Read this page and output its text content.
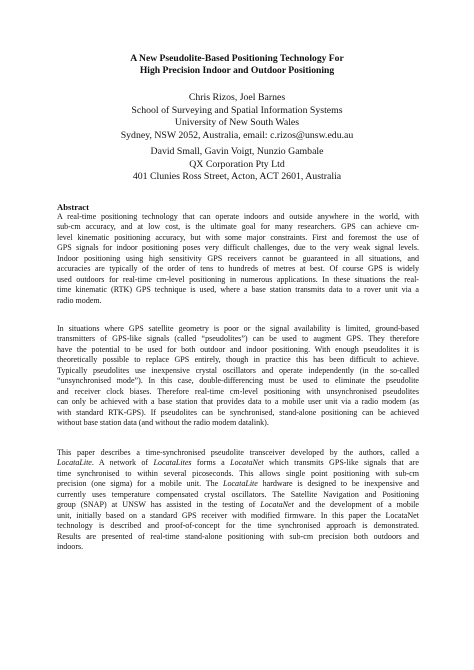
A New Pseudolite-Based Positioning Technology For
High Precision Indoor and Outdoor Positioning
Chris Rizos, Joel Barnes
School of Surveying and Spatial Information Systems
University of New South Wales
Sydney, NSW 2052, Australia, email: c.rizos@unsw.edu.au
David Small, Gavin Voigt, Nunzio Gambale
QX Corporation Pty Ltd
401 Clunies Ross Street, Acton, ACT 2601, Australia
Abstract
A real-time positioning technology that can operate indoors and outside anywhere in the world, with
sub-cm accuracy, and at low cost, is the ultimate goal for many researchers. GPS can achieve cm-
level kinematic positioning accuracy, but with some major constraints. First and foremost the use of
GPS signals for indoor positioning poses very difficult challenges, due to the very weak signal levels.
Indoor positioning using high sensitivity GPS receivers cannot be guaranteed in all situations, and
accuracies are typically of the order of tens to hundreds of metres at best. Of course GPS is widely
used outdoors for real-time cm-level positioning in numerous applications. In these situations the real-
time kinematic (RTK) GPS technique is used, where a base station transmits data to a rover unit via a
radio modem.
In situations where GPS satellite geometry is poor or the signal availability is limited, ground-based
transmitters of GPS-like signals (called “pseudolites”) can be used to augment GPS. They therefore
have the potential to be used for both outdoor and indoor positioning. With enough pseudolites it is
theoretically possible to replace GPS entirely, though in practice this has been difficult to achieve.
Typically pseudolites use inexpensive crystal oscillators and operate independently (in the so-called
“unsynchronised mode”). In this case, double-differencing must be used to eliminate the pseudolite
and receiver clock biases. Therefore real-time cm-level positioning with unsynchronised pseudolites
can only be achieved with a base station that provides data to a mobile user unit via a radio modem (as
with standard RTK-GPS). If pseudolites can be synchronised, stand-alone positioning can be achieved
without base station data (and without the radio modem datalink).
This paper describes a time-synchronised pseudolite transceiver developed by the authors, called a
LocataLite. A network of LocataLites forms a LocataNet which transmits GPS-like signals that are
time synchronised to within several picoseconds. This allows single point positioning with sub-cm
precision (one sigma) for a mobile unit. The LocataLite hardware is designed to be inexpensive and
currently uses temperature compensated crystal oscillators. The Satellite Navigation and Positioning
group (SNAP) at UNSW has assisted in the testing of LocataNet and the development of a mobile
unit, initially based on a standard GPS receiver with modified firmware. In this paper the LocataNet
technology is described and proof-of-concept for the time synchronised approach is demonstrated.
Results are presented of real-time stand-alone positioning with sub-cm precision both outdoors and
indoors.
